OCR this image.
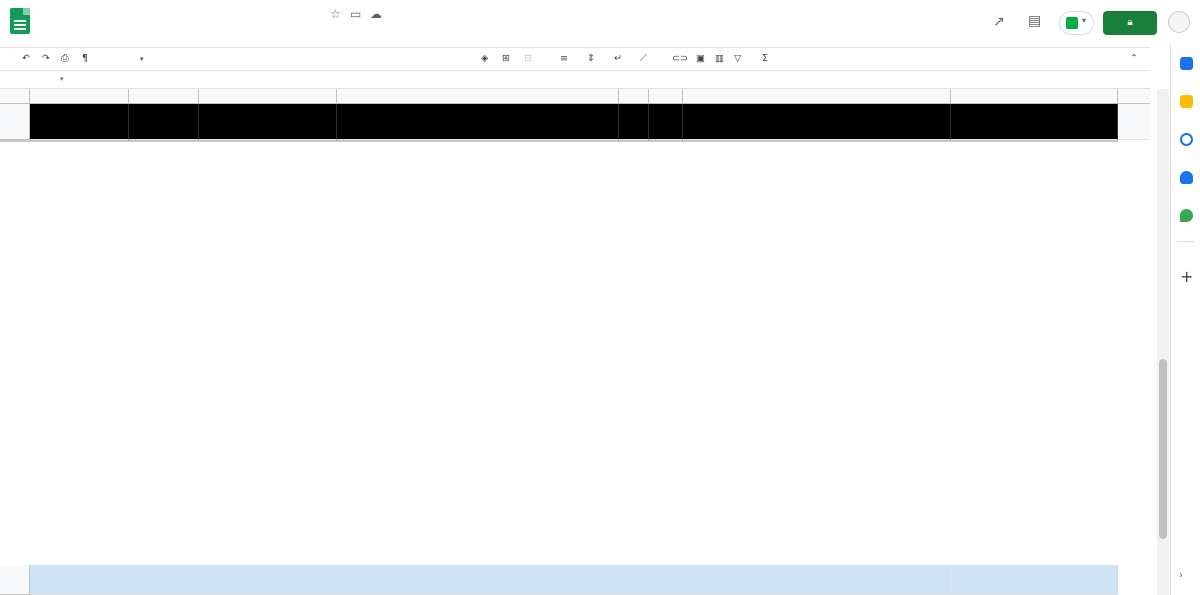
☆ ▭ ☁
	↗ ▤	▾	🔒︎
↶ ↷ ⎙ ¶	▾	◈ ⊞ ⊟	≡ ⇕ ↵ ⟋	⊂⊃ ▣ ▥ ▽ Σ	⌃
▾
+
›
